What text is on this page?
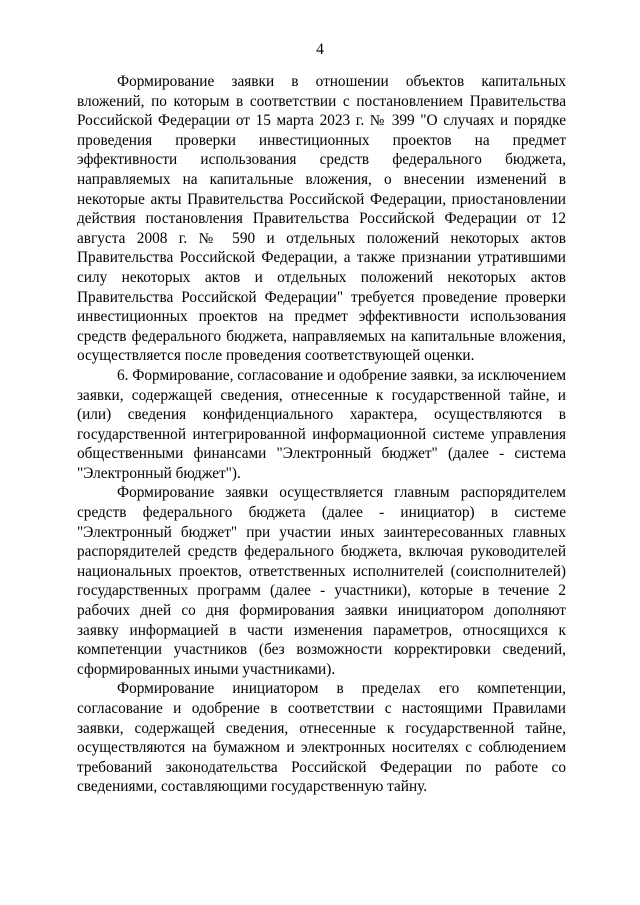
4

Формирование заявки в отношении объектов капитальных вложений, по которым в соответствии с постановлением Правительства Российской Федерации от 15 марта 2023 г. № 399 "О случаях и порядке проведения проверки инвестиционных проектов на предмет эффективности использования средств федерального бюджета, направляемых на капитальные вложения, о внесении изменений в некоторые акты Правительства Российской Федерации, приостановлении действия постановления Правительства Российской Федерации от 12 августа 2008 г. № 590 и отдельных положений некоторых актов Правительства Российской Федерации, а также признании утратившими силу некоторых актов и отдельных положений некоторых актов Правительства Российской Федерации" требуется проведение проверки инвестиционных проектов на предмет эффективности использования средств федерального бюджета, направляемых на капитальные вложения, осуществляется после проведения соответствующей оценки.

6. Формирование, согласование и одобрение заявки, за исключением заявки, содержащей сведения, отнесенные к государственной тайне, и (или) сведения конфиденциального характера, осуществляются в государственной интегрированной информационной системе управления общественными финансами "Электронный бюджет" (далее - система "Электронный бюджет").

Формирование заявки осуществляется главным распорядителем средств федерального бюджета (далее - инициатор) в системе "Электронный бюджет" при участии иных заинтересованных главных распорядителей средств федерального бюджета, включая руководителей национальных проектов, ответственных исполнителей (соисполнителей) государственных программ (далее - участники), которые в течение 2 рабочих дней со дня формирования заявки инициатором дополняют заявку информацией в части изменения параметров, относящихся к компетенции участников (без возможности корректировки сведений, сформированных иными участниками).

Формирование инициатором в пределах его компетенции, согласование и одобрение в соответствии с настоящими Правилами заявки, содержащей сведения, отнесенные к государственной тайне, осуществляются на бумажном и электронных носителях с соблюдением требований законодательства Российской Федерации по работе со сведениями, составляющими государственную тайну.
